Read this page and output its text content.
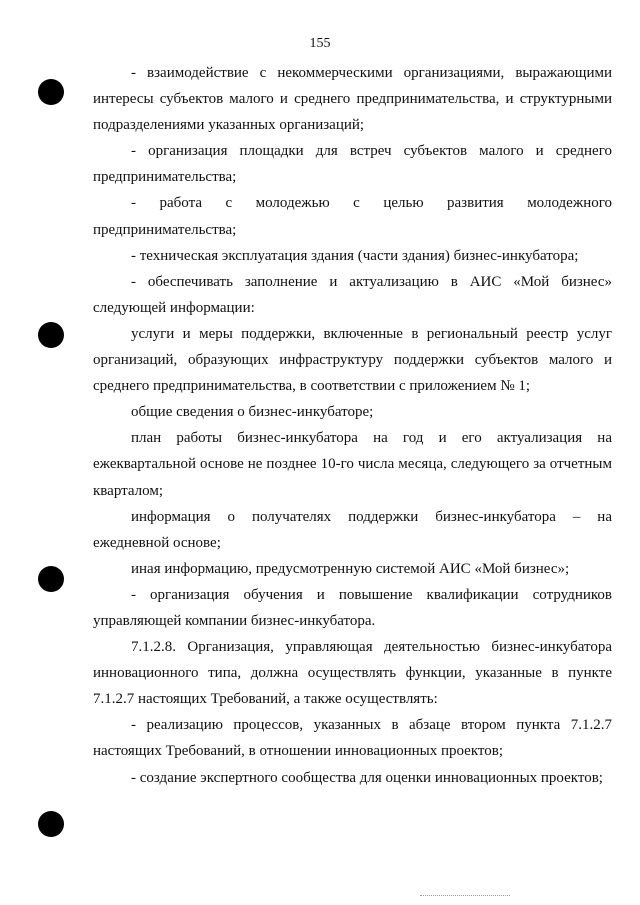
155

- взаимодействие с некоммерческими организациями, выражающими интересы субъектов малого и среднего предпринимательства, и структурными подразделениями указанных организаций;

- организация площадки для встреч субъектов малого и среднего предпринимательства;

- работа с молодежью с целью развития молодежного предпринимательства;

- техническая эксплуатация здания (части здания) бизнес-инкубатора;

- обеспечивать заполнение и актуализацию в АИС «Мой бизнес» следующей информации:

услуги и меры поддержки, включенные в региональный реестр услуг организаций, образующих инфраструктуру поддержки субъектов малого и среднего предпринимательства, в соответствии с приложением № 1;

общие сведения о бизнес-инкубаторе;

план работы бизнес-инкубатора на год и его актуализация на ежеквартальной основе не позднее 10-го числа месяца, следующего за отчетным кварталом;

информация о получателях поддержки бизнес-инкубатора – на ежедневной основе;

иная информацию, предусмотренную системой АИС «Мой бизнес»;

- организация обучения и повышение квалификации сотрудников управляющей компании бизнес-инкубатора.

7.1.2.8. Организация, управляющая деятельностью бизнес-инкубатора инновационного типа, должна осуществлять функции, указанные в пункте 7.1.2.7 настоящих Требований, а также осуществлять:

- реализацию процессов, указанных в абзаце втором пункта 7.1.2.7 настоящих Требований, в отношении инновационных проектов;

- создание экспертного сообщества для оценки инновационных проектов;
